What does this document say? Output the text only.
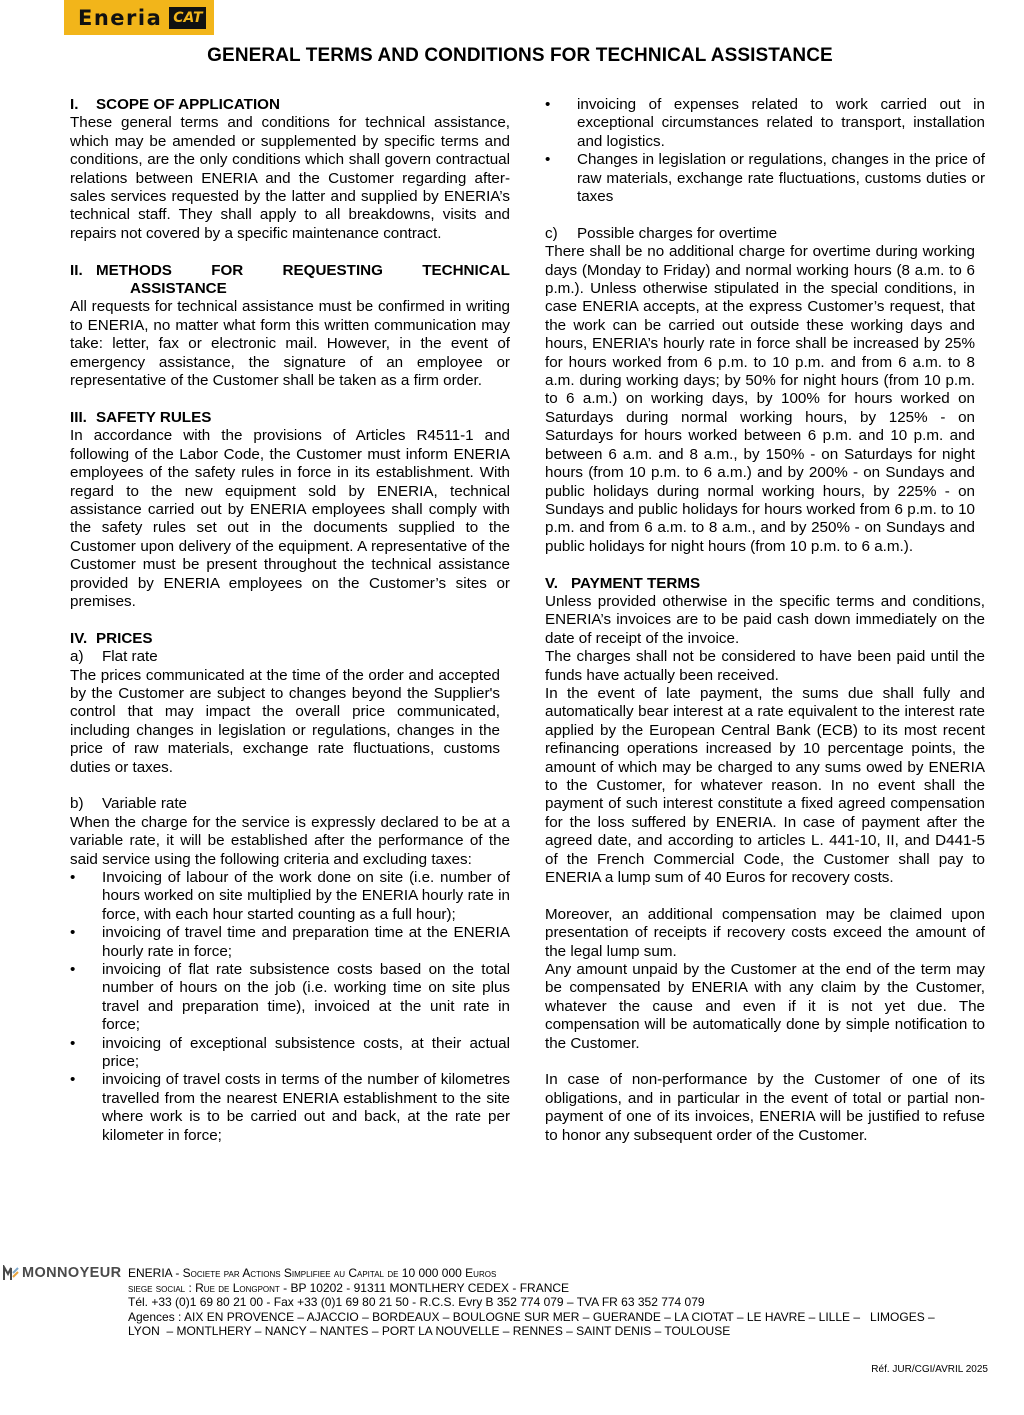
Eneria CAT
GENERAL TERMS AND CONDITIONS FOR TECHNICAL ASSISTANCE
I. SCOPE OF APPLICATION

These general terms and conditions for technical assistance, which may be amended or supplemented by specific terms and conditions, are the only conditions which shall govern contractual relations between ENERIA and the Customer regarding after-sales services requested by the latter and supplied by ENERIA’s technical staff. They shall apply to all breakdowns, visits and repairs not covered by a specific maintenance contract.

II. METHODS	FOR	REQUESTING	TECHNICAL
ASSISTANCE

All requests for technical assistance must be confirmed in writing to ENERIA, no matter what form this written communication may take: letter, fax or electronic mail. However, in the event of emergency assistance, the signature of an employee or representative of the Customer shall be taken as a firm order.

III. SAFETY RULES

In accordance with the provisions of Articles R4511-1 and following of the Labor Code, the Customer must inform ENERIA employees of the safety rules in force in its establishment. With regard to the new equipment sold by ENERIA, technical assistance carried out by ENERIA employees shall comply with the safety rules set out in the documents supplied to the Customer upon delivery of the equipment. A representative of the Customer must be present throughout the technical assistance provided by ENERIA employees on the Customer’s sites or premises.

IV. PRICES
a) Flat rate

The prices communicated at the time of the order and accepted by the Customer are subject to changes beyond the Supplier's control that may impact the overall price communicated, including changes in legislation or regulations, changes in the price of raw materials, exchange rate fluctuations, customs duties or taxes.

b) Variable rate

When the charge for the service is expressly declared to be at a variable rate, it will be established after the performance of the said service using the following criteria and excluding taxes:

• Invoicing of labour of the work done on site (i.e. number of hours worked on site multiplied by the ENERIA hourly rate in force, with each hour started counting as a full hour);
• invoicing of travel time and preparation time at the ENERIA hourly rate in force;
• invoicing of flat rate subsistence costs based on the total number of hours on the job (i.e. working time on site plus travel and preparation time), invoiced at the unit rate in force;
• invoicing of exceptional subsistence costs, at their actual price;
• invoicing of travel costs in terms of the number of kilometres travelled from the nearest ENERIA establishment to the site where work is to be carried out and back, at the rate per kilometer in force;
• invoicing of expenses related to work carried out in exceptional circumstances related to transport, installation and logistics.
• Changes in legislation or regulations, changes in the price of raw materials, exchange rate fluctuations, customs duties or taxes
c) Possible charges for overtime

There shall be no additional charge for overtime during working days (Monday to Friday) and normal working hours (8 a.m. to 6 p.m.). Unless otherwise stipulated in the special conditions, in case ENERIA accepts, at the express Customer’s request, that the work can be carried out outside these working days and hours, ENERIA’s hourly rate in force shall be increased by 25% for hours worked from 6 p.m. to 10 p.m. and from 6 a.m. to 8 a.m. during working days; by 50% for night hours (from 10 p.m. to 6 a.m.) on working days, by 100% for hours worked on Saturdays during normal working hours, by 125% - on Saturdays for hours worked between 6 p.m. and 10 p.m. and between 6 a.m. and 8 a.m., by 150% - on Saturdays for night hours (from 10 p.m. to 6 a.m.) and by 200% - on Sundays and public holidays during normal working hours, by 225% - on Sundays and public holidays for hours worked from 6 p.m. to 10 p.m. and from 6 a.m. to 8 a.m., and by 250% - on Sundays and public holidays for night hours (from 10 p.m. to 6 a.m.).

V. PAYMENT TERMS

Unless provided otherwise in the specific terms and conditions, ENERIA’s invoices are to be paid cash down immediately on the date of receipt of the invoice.

The charges shall not be considered to have been paid until the funds have actually been received.

In the event of late payment, the sums due shall fully and automatically bear interest at a rate equivalent to the interest rate applied by the European Central Bank (ECB) to its most recent refinancing operations increased by 10 percentage points, the amount of which may be charged to any sums owed by ENERIA to the Customer, for whatever reason. In no event shall the payment of such interest constitute a fixed agreed compensation for the loss suffered by ENERIA. In case of payment after the agreed date, and according to articles L. 441-10, II, and D441-5 of the French Commercial Code, the Customer shall pay to ENERIA a lump sum of 40 Euros for recovery costs.

Moreover, an additional compensation may be claimed upon presentation of receipts if recovery costs exceed the amount of the legal lump sum.

Any amount unpaid by the Customer at the end of the term may be compensated by ENERIA with any claim by the Customer, whatever the cause and even if it is not yet due. The compensation will be automatically done by simple notification to the Customer.

In case of non-performance by the Customer of one of its obligations, and in particular in the event of total or partial non-payment of one of its invoices, ENERIA will be justified to refuse to honor any subsequent order of the Customer.

MONNOYEUR ENERIA - Societe par Actions Simplifiee au Capital de 10 000 000 Euros
siege social : Rue de Longpont - BP 10202 - 91311 MONTLHERY CEDEX - FRANCE
Tél. +33 (0)1 69 80 21 00 - Fax +33 (0)1 69 80 21 50 - R.C.S. Evry B 352 774 079 – TVA FR 63 352 774 079
Agences : AIX EN PROVENCE – AJACCIO – BORDEAUX – BOULOGNE SUR MER – GUERANDE – LA CIOTAT – LE HAVRE – LILLE –   LIMOGES –
LYON  – MONTLHERY – NANCY – NANTES – PORT LA NOUVELLE – RENNES – SAINT DENIS – TOULOUSE
Réf. JUR/CGI/AVRIL 2025
